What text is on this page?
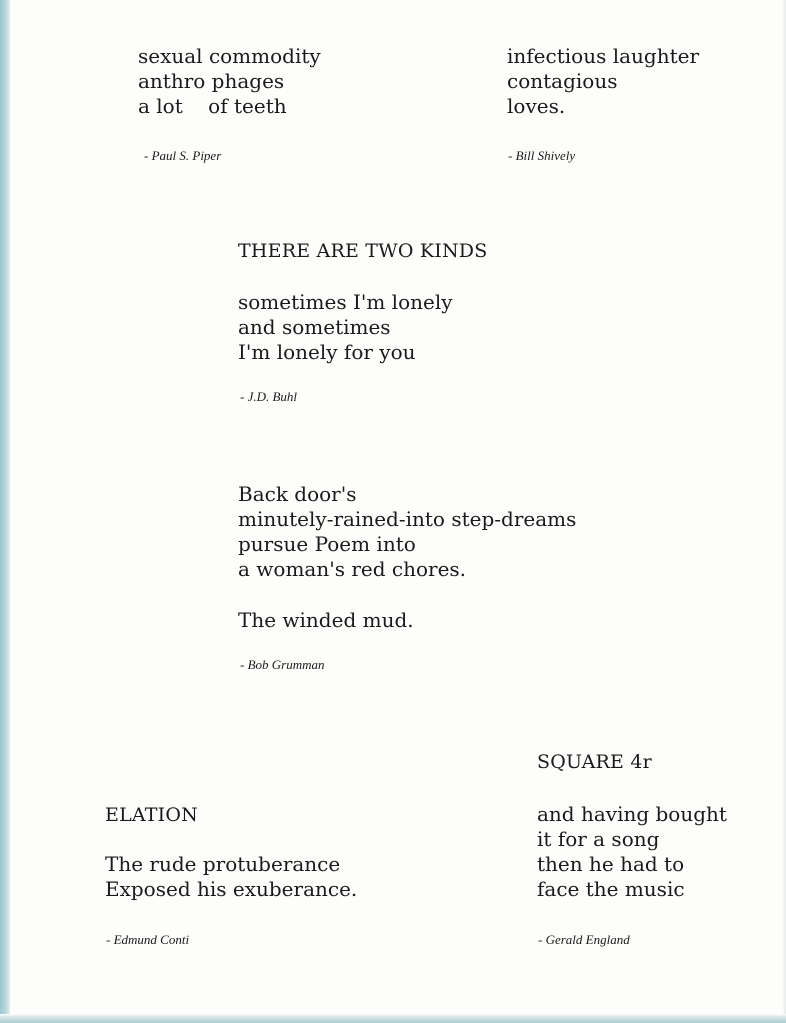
sexual commodity
anthro phages
a lot    of teeth

- Paul S. Piper

infectious laughter
contagious
loves.

- Bill Shively

THERE ARE TWO KINDS

sometimes I'm lonely
and sometimes
I'm lonely for you

- J.D. Buhl

Back door's
minutely-rained-into step-dreams
pursue Poem into
a woman's red chores.

The winded mud.

- Bob Grumman

SQUARE 4r

and having bought
it for a song
then he had to
face the music

- Gerald England

ELATION

The rude protuberance
Exposed his exuberance.

- Edmund Conti
